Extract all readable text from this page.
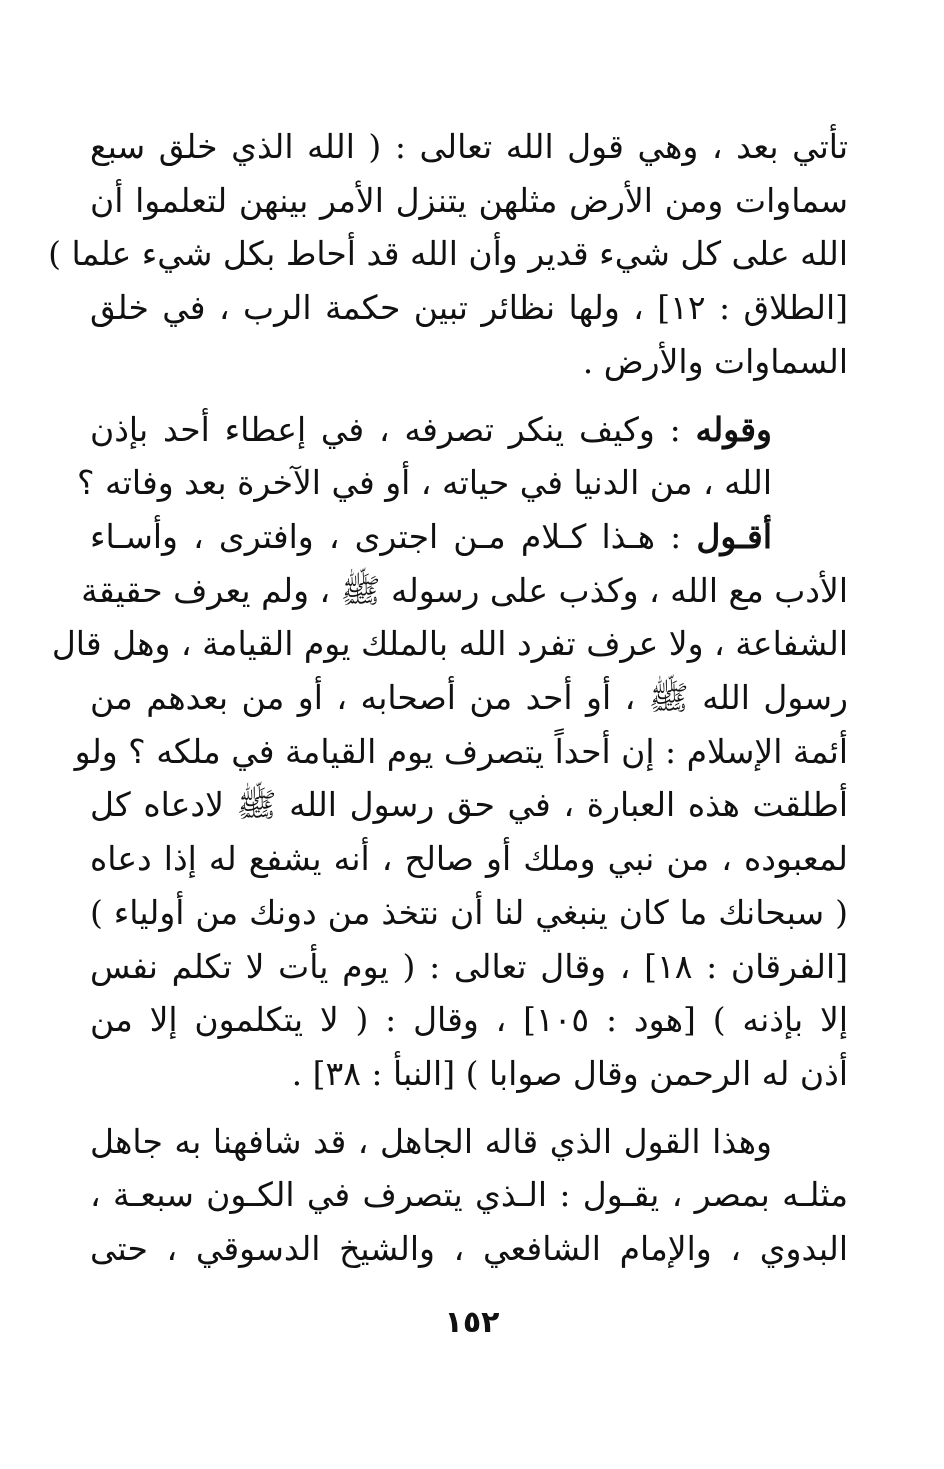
تأتي بعد ، وهي قول الله تعالى : ( الله الذي خلق سبع
سماوات ومن الأرض مثلهن يتنزل الأمر بينهن لتعلموا أن
الله على كل شيء قدير وأن الله قد أحاط بكل شيء علما )
[الطلاق : ١٢] ، ولها نظائر تبين حكمة الرب ، في خلق
السماوات والأرض .

وقوله : وكيف ينكر تصرفه ، في إعطاء أحد بإذن
الله ، من الدنيا في حياته ، أو في الآخرة بعد وفاته ؟

أقـول : هـذا كـلام مـن اجترى ، وافترى ، وأسـاء
الأدب مع الله ، وكذب على رسوله ﷺ ، ولم يعرف حقيقة
الشفاعة ، ولا عرف تفرد الله بالملك يوم القيامة ، وهل قال
رسول الله ﷺ ، أو أحد من أصحابه ، أو من بعدهم من
أئمة الإسلام : إن أحداً يتصرف يوم القيامة في ملكه ؟ ولو
أطلقت هذه العبارة ، في حق رسول الله ﷺ لادعاه كل
لمعبوده ، من نبي وملك أو صالح ، أنه يشفع له إذا دعاه
( سبحانك ما كان ينبغي لنا أن نتخذ من دونك من أولياء )
[الفرقان : ١٨] ، وقال تعالى : ( يوم يأت لا تكلم نفس
إلا بإذنه ) [هود : ١٠٥] ، وقال : ( لا يتكلمون إلا من
أذن له الرحمن وقال صوابا ) [النبأ : ٣٨] .

وهذا القول الذي قاله الجاهل ، قد شافهنا به جاهل
مثلـه بمصر ، يقـول : الـذي يتصرف في الكـون سبعـة ،
البدوي ، والإمام الشافعي ، والشيخ الدسوقي ، حتى

١٥٢
